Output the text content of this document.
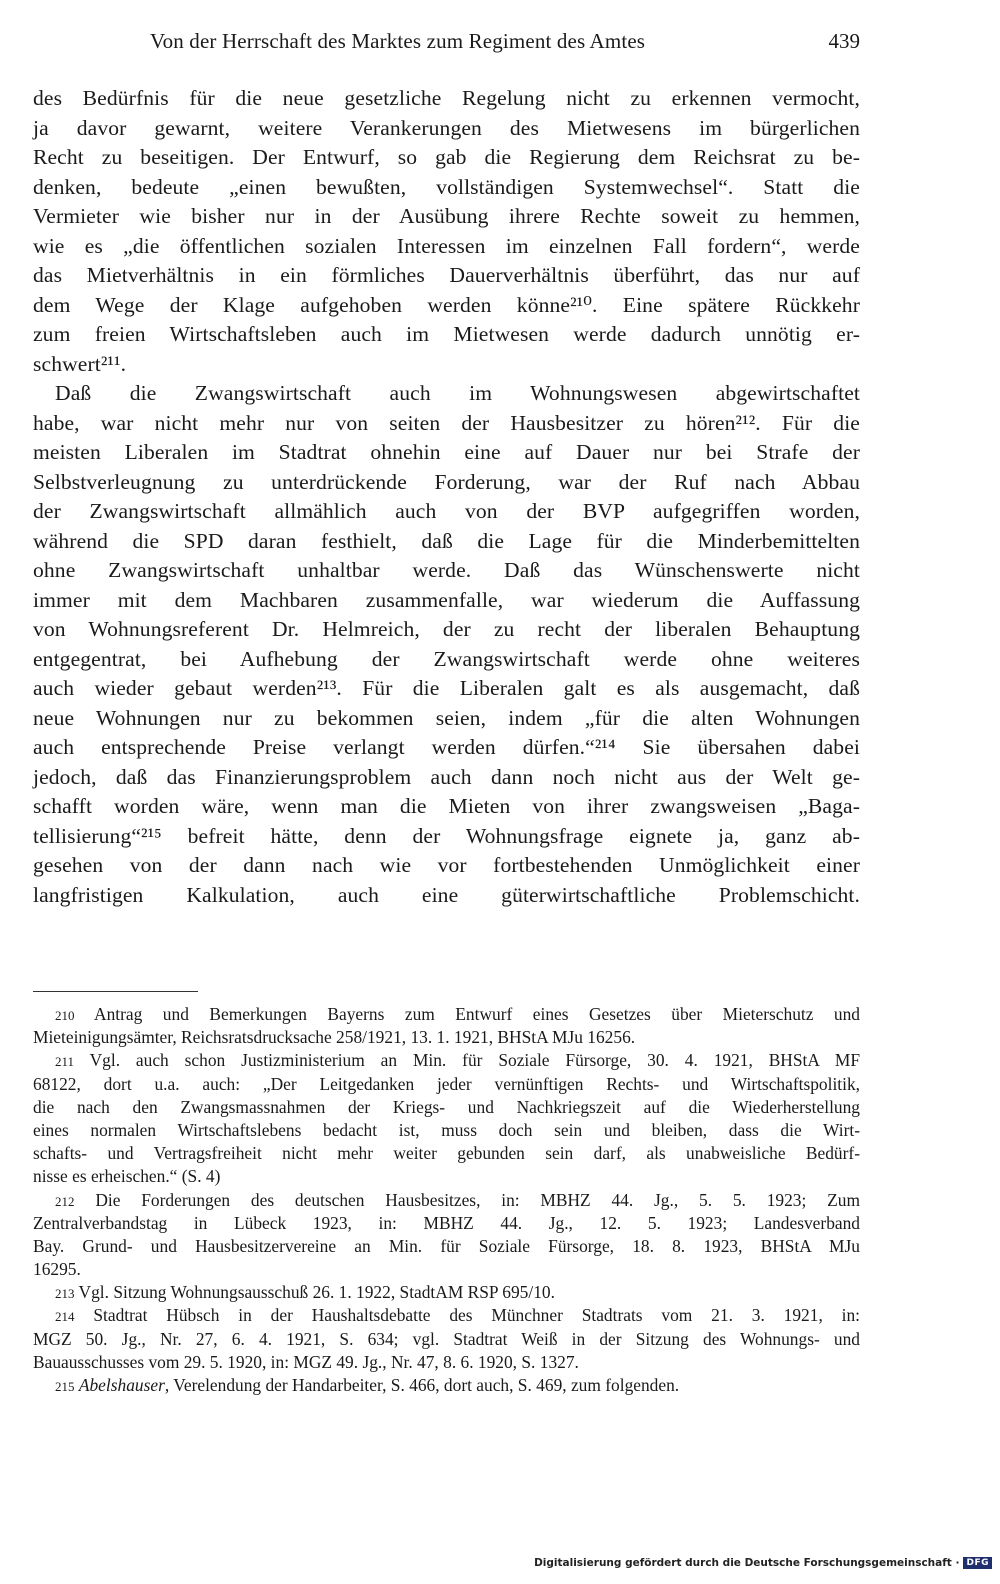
Von der Herrschaft des Marktes zum Regiment des Amtes	439
des Bedürfnis für die neue gesetzliche Regelung nicht zu erkennen vermocht,
ja davor gewarnt, weitere Verankerungen des Mietwesens im bürgerlichen
Recht zu beseitigen. Der Entwurf, so gab die Regierung dem Reichsrat zu be-
denken, bedeute „einen bewußten, vollständigen Systemwechsel“. Statt die
Vermieter wie bisher nur in der Ausübung ihrere Rechte soweit zu hemmen,
wie es „die öffentlichen sozialen Interessen im einzelnen Fall fordern“, werde
das Mietverhältnis in ein förmliches Dauerverhältnis überführt, das nur auf
dem Wege der Klage aufgehoben werden könne²¹⁰. Eine spätere Rückkehr
zum freien Wirtschaftsleben auch im Mietwesen werde dadurch unnötig er-
schwert²¹¹.
Daß die Zwangswirtschaft auch im Wohnungswesen abgewirtschaftet
habe, war nicht mehr nur von seiten der Hausbesitzer zu hören²¹². Für die
meisten Liberalen im Stadtrat ohnehin eine auf Dauer nur bei Strafe der
Selbstverleugnung zu unterdrückende Forderung, war der Ruf nach Abbau
der Zwangswirtschaft allmählich auch von der BVP aufgegriffen worden,
während die SPD daran festhielt, daß die Lage für die Minderbemittelten
ohne Zwangswirtschaft unhaltbar werde. Daß das Wünschenswerte nicht
immer mit dem Machbaren zusammenfalle, war wiederum die Auffassung
von Wohnungsreferent Dr. Helmreich, der zu recht der liberalen Behauptung
entgegentrat, bei Aufhebung der Zwangswirtschaft werde ohne weiteres
auch wieder gebaut werden²¹³. Für die Liberalen galt es als ausgemacht, daß
neue Wohnungen nur zu bekommen seien, indem „für die alten Wohnungen
auch entsprechende Preise verlangt werden dürfen.“²¹⁴ Sie übersahen dabei
jedoch, daß das Finanzierungsproblem auch dann noch nicht aus der Welt ge-
schafft worden wäre, wenn man die Mieten von ihrer zwangsweisen „Baga-
tellisierung“²¹⁵ befreit hätte, denn der Wohnungsfrage eignete ja, ganz ab-
gesehen von der dann nach wie vor fortbestehenden Unmöglichkeit einer
langfristigen Kalkulation, auch eine güterwirtschaftliche Problemschicht.
210 Antrag und Bemerkungen Bayerns zum Entwurf eines Gesetzes über Mieterschutz und
Mieteinigungsämter, Reichsratsdrucksache 258/1921, 13. 1. 1921, BHStA MJu 16256.
211 Vgl. auch schon Justizministerium an Min. für Soziale Fürsorge, 30. 4. 1921, BHStA MF
68122, dort u.a. auch: „Der Leitgedanken jeder vernünftigen Rechts- und Wirtschaftspolitik,
die nach den Zwangsmassnahmen der Kriegs- und Nachkriegszeit auf die Wiederherstellung
eines normalen Wirtschaftslebens bedacht ist, muss doch sein und bleiben, dass die Wirt-
schafts- und Vertragsfreiheit nicht mehr weiter gebunden sein darf, als unabweisliche Bedürf-
nisse es erheischen.“ (S. 4)
212 Die Forderungen des deutschen Hausbesitzes, in: MBHZ 44. Jg., 5. 5. 1923; Zum
Zentralverbandstag in Lübeck 1923, in: MBHZ 44. Jg., 12. 5. 1923; Landesverband
Bay. Grund- und Hausbesitzervereine an Min. für Soziale Fürsorge, 18. 8. 1923, BHStA MJu
16295.
213 Vgl. Sitzung Wohnungsausschuß 26. 1. 1922, StadtAM RSP 695/10.
214 Stadtrat Hübsch in der Haushaltsdebatte des Münchner Stadtrats vom 21. 3. 1921, in:
MGZ 50. Jg., Nr. 27, 6. 4. 1921, S. 634; vgl. Stadtrat Weiß in der Sitzung des Wohnungs- und
Bauausschusses vom 29. 5. 1920, in: MGZ 49. Jg., Nr. 47, 8. 6. 1920, S. 1327.
215 Abelshauser, Verelendung der Handarbeiter, S. 466, dort auch, S. 469, zum folgenden.
Digitalisierung gefördert durch die Deutsche Forschungsgemeinschaft · DFG
